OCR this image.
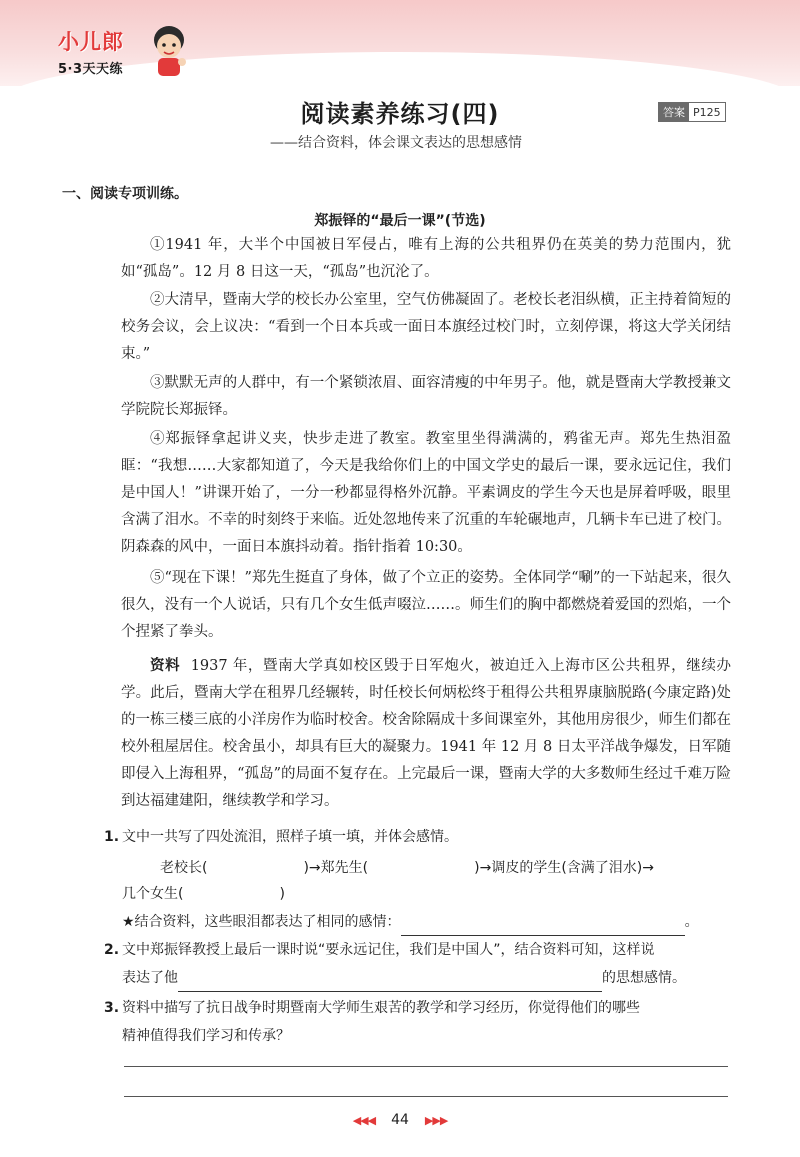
小儿郎
5·3天天练
阅读素养练习(四)	答案 P125
——结合资料，体会课文表达的思想感情
一、阅读专项训练。
郑振铎的“最后一课”(节选)
①1941 年，大半个中国被日军侵占，唯有上海的公共租界仍在英美的势力范围内，犹如“孤岛”。12 月 8 日这一天，“孤岛”也沉沦了。
②大清早，暨南大学的校长办公室里，空气仿佛凝固了。老校长老泪纵横，正主持着简短的校务会议，会上议决：“看到一个日本兵或一面日本旗经过校门时，立刻停课，将这大学关闭结束。”
③默默无声的人群中，有一个紧锁浓眉、面容清瘦的中年男子。他，就是暨南大学教授兼文学院院长郑振铎。
④郑振铎拿起讲义夹，快步走进了教室。教室里坐得满满的，鸦雀无声。郑先生热泪盈眶：“我想……大家都知道了，今天是我给你们上的中国文学史的最后一课，要永远记住，我们是中国人！”讲课开始了，一分一秒都显得格外沉静。平素调皮的学生今天也是屏着呼吸，眼里含满了泪水。不幸的时刻终于来临。近处忽地传来了沉重的车轮碾地声，几辆卡车已进了校门。阴森森的风中，一面日本旗抖动着。指针指着 10:30。
⑤“现在下课！”郑先生挺直了身体，做了个立正的姿势。全体同学“唰”的一下站起来，很久很久，没有一个人说话，只有几个女生低声啜泣……。师生们的胸中都燃烧着爱国的烈焰，一个个捏紧了拳头。
资料 1937 年，暨南大学真如校区毁于日军炮火，被迫迁入上海市区公共租界，继续办学。此后，暨南大学在租界几经辗转，时任校长何炳松终于租得公共租界康脑脱路(今康定路)处的一栋三楼三底的小洋房作为临时校舍。校舍除隔成十多间课室外，其他用房很少，师生们都在校外租屋居住。校舍虽小，却具有巨大的凝聚力。1941 年 12 月 8 日太平洋战争爆发，日军随即侵入上海租界，“孤岛”的局面不复存在。上完最后一课，暨南大学的大多数师生经过千难万险到达福建建阳，继续教学和学习。
1. 文中一共写了四处流泪，照样子填一填，并体会感情。
老校长(	)→郑先生(	)→调皮的学生(含满了泪水)→
几个女生(	)
★结合资料，这些眼泪都表达了相同的感情：	。
2. 文中郑振铎教授上最后一课时说“要永远记住，我们是中国人”，结合资料可知，这样说
表达了他	的思想感情。
3. 资料中描写了抗日战争时期暨南大学师生艰苦的教学和学习经历，你觉得他们的哪些
精神值得我们学习和传承？
◀◀◀ 44 ▶▶▶
